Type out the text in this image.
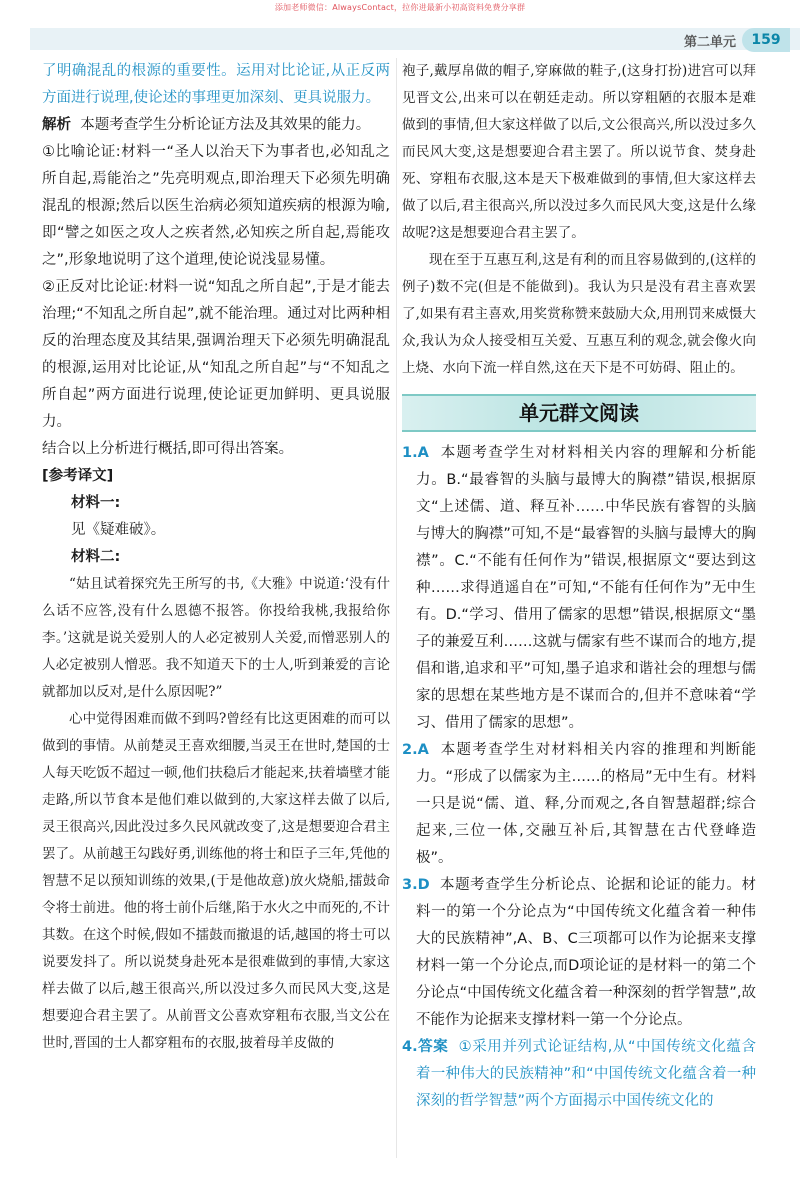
添加老师微信：AlwaysContact，拉你进最新小初高资料免费分享群
第二单元	159

了明确混乱的根源的重要性。运用对比论证,从正反两方面进行说理,使论述的事理更加深刻、更具说服力。

解析 本题考查学生分析论证方法及其效果的能力。

①比喻论证:材料一“圣人以治天下为事者也,必知乱之所自起,焉能治之”先亮明观点,即治理天下必须先明确混乱的根源;然后以医生治病必须知道疾病的根源为喻,即“譬之如医之攻人之疾者然,必知疾之所自起,焉能攻之”,形象地说明了这个道理,使论说浅显易懂。

②正反对比论证:材料一说“知乱之所自起”,于是才能去治理;“不知乱之所自起”,就不能治理。通过对比两种相反的治理态度及其结果,强调治理天下必须先明确混乱的根源,运用对比论证,从“知乱之所自起”与“不知乱之所自起”两方面进行说理,使论证更加鲜明、更具说服力。

结合以上分析进行概括,即可得出答案。

[参考译文]

材料一:

见《疑难破》。

材料二:

“姑且试着探究先王所写的书,《大雅》中说道:‘没有什么话不应答,没有什么恩德不报答。你投给我桃,我报给你李。’这就是说关爱别人的人必定被别人关爱,而憎恶别人的人必定被别人憎恶。我不知道天下的士人,听到兼爱的言论就都加以反对,是什么原因呢?”

心中觉得困难而做不到吗?曾经有比这更困难的而可以做到的事情。从前楚灵王喜欢细腰,当灵王在世时,楚国的士人每天吃饭不超过一顿,他们扶稳后才能起来,扶着墙壁才能走路,所以节食本是他们难以做到的,大家这样去做了以后,灵王很高兴,因此没过多久民风就改变了,这是想要迎合君主罢了。从前越王勾践好勇,训练他的将士和臣子三年,凭他的智慧不足以预知训练的效果,(于是他故意)放火烧船,擂鼓命令将士前进。他的将士前仆后继,陷于水火之中而死的,不计其数。在这个时候,假如不擂鼓而撤退的话,越国的将士可以说要发抖了。所以说焚身赴死本是很难做到的事情,大家这样去做了以后,越王很高兴,所以没过多久而民风大变,这是想要迎合君主罢了。从前晋文公喜欢穿粗布衣服,当文公在世时,晋国的士人都穿粗布的衣服,披着母羊皮做的

袍子,戴厚帛做的帽子,穿麻做的鞋子,(这身打扮)进宫可以拜见晋文公,出来可以在朝廷走动。所以穿粗陋的衣服本是难做到的事情,但大家这样做了以后,文公很高兴,所以没过多久而民风大变,这是想要迎合君主罢了。所以说节食、焚身赴死、穿粗布衣服,这本是天下极难做到的事情,但大家这样去做了以后,君主很高兴,所以没过多久而民风大变,这是什么缘故呢?这是想要迎合君主罢了。

现在至于互惠互利,这是有利的而且容易做到的,(这样的例子)数不完(但是不能做到)。我认为只是没有君主喜欢罢了,如果有君主喜欢,用奖赏称赞来鼓励大众,用刑罚来威慑大众,我认为众人接受相互关爱、互惠互利的观念,就会像火向上烧、水向下流一样自然,这在天下是不可妨碍、阻止的。

单元群文阅读

1.A 本题考查学生对材料相关内容的理解和分析能力。B.“最睿智的头脑与最博大的胸襟”错误,根据原文“上述儒、道、释互补……中华民族有睿智的头脑与博大的胸襟”可知,不是“最睿智的头脑与最博大的胸襟”。C.“不能有任何作为”错误,根据原文“要达到这种……求得逍遥自在”可知,“不能有任何作为”无中生有。D.“学习、借用了儒家的思想”错误,根据原文“墨子的兼爱互利……这就与儒家有些不谋而合的地方,提倡和谐,追求和平”可知,墨子追求和谐社会的理想与儒家的思想在某些地方是不谋而合的,但并不意味着“学习、借用了儒家的思想”。

2.A 本题考查学生对材料相关内容的推理和判断能力。“形成了以儒家为主……的格局”无中生有。材料一只是说“儒、道、释,分而观之,各自智慧超群;综合起来,三位一体,交融互补后,其智慧在古代登峰造极”。

3.D 本题考查学生分析论点、论据和论证的能力。材料一的第一个分论点为“中国传统文化蕴含着一种伟大的民族精神”,A、B、C三项都可以作为论据来支撑材料一第一个分论点,而D项论证的是材料一的第二个分论点“中国传统文化蕴含着一种深刻的哲学智慧”,故不能作为论据来支撑材料一第一个分论点。

4.答案 ①采用并列式论证结构,从“中国传统文化蕴含着一种伟大的民族精神”和“中国传统文化蕴含着一种深刻的哲学智慧”两个方面揭示中国传统文化的
